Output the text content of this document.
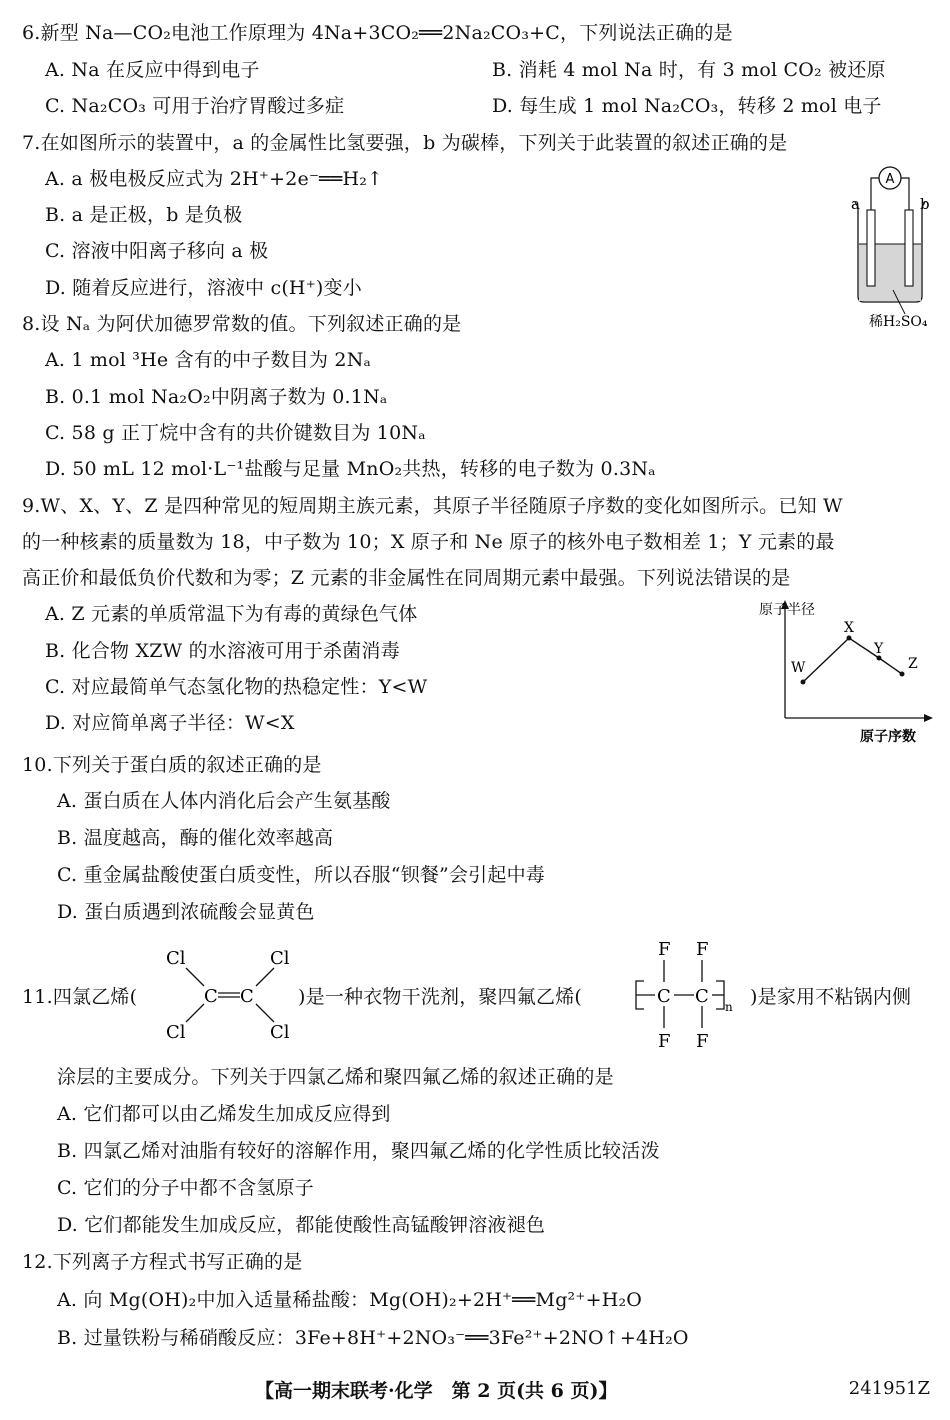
6.新型 Na—CO₂电池工作原理为 4Na+3CO₂══2Na₂CO₃+C，下列说法正确的是
A. Na 在反应中得到电子	B. 消耗 4 mol Na 时，有 3 mol CO₂ 被还原
C. Na₂CO₃ 可用于治疗胃酸过多症	D. 每生成 1 mol Na₂CO₃，转移 2 mol 电子
7.在如图所示的装置中，a 的金属性比氢要强，b 为碳棒，下列关于此装置的叙述正确的是
A. a 极电极反应式为 2H⁺+2e⁻══H₂↑
B. a 是正极，b 是负极
C. 溶液中阳离子移向 a 极
D. 随着反应进行，溶液中 c(H⁺)变小
A
a	b
稀H₂SO₄
8.设 Nₐ 为阿伏加德罗常数的值。下列叙述正确的是
A. 1 mol ³He 含有的中子数目为 2Nₐ
B. 0.1 mol Na₂O₂中阴离子数为 0.1Nₐ
C. 58 g 正丁烷中含有的共价键数目为 10Nₐ
D. 50 mL 12 mol·L⁻¹盐酸与足量 MnO₂共热，转移的电子数为 0.3Nₐ
9.W、X、Y、Z 是四种常见的短周期主族元素，其原子半径随原子序数的变化如图所示。已知 W
的一种核素的质量数为 18，中子数为 10；X 原子和 Ne 原子的核外电子数相差 1；Y 元素的最
高正价和最低负价代数和为零；Z 元素的非金属性在同周期元素中最强。下列说法错误的是
A. Z 元素的单质常温下为有毒的黄绿色气体
B. 化合物 XZW 的水溶液可用于杀菌消毒
C. 对应最简单气态氢化物的热稳定性：Y<W
D. 对应简单离子半径：W<X
原子半径
原子序数
W
X
Y
Z
10.下列关于蛋白质的叙述正确的是
A. 蛋白质在人体内消化后会产生氨基酸
B. 温度越高，酶的催化效率越高
C. 重金属盐酸使蛋白质变性，所以吞服“钡餐”会引起中毒
D. 蛋白质遇到浓硫酸会显黄色
11.四氯乙烯(
Cl	Cl
Cl	Cl
C C )是一种衣物干洗剂，聚四氟乙烯(
F F
F F
C C n )是家用不粘锅内侧
涂层的主要成分。下列关于四氯乙烯和聚四氟乙烯的叙述正确的是
A. 它们都可以由乙烯发生加成反应得到
B. 四氯乙烯对油脂有较好的溶解作用，聚四氟乙烯的化学性质比较活泼
C. 它们的分子中都不含氢原子
D. 它们都能发生加成反应，都能使酸性高锰酸钾溶液褪色
12.下列离子方程式书写正确的是
A. 向 Mg(OH)₂中加入适量稀盐酸：Mg(OH)₂+2H⁺══Mg²⁺+H₂O
B. 过量铁粉与稀硝酸反应：3Fe+8H⁺+2NO₃⁻══3Fe²⁺+2NO↑+4H₂O
【高一期末联考·化学　第 2 页(共 6 页)】	241951Z
